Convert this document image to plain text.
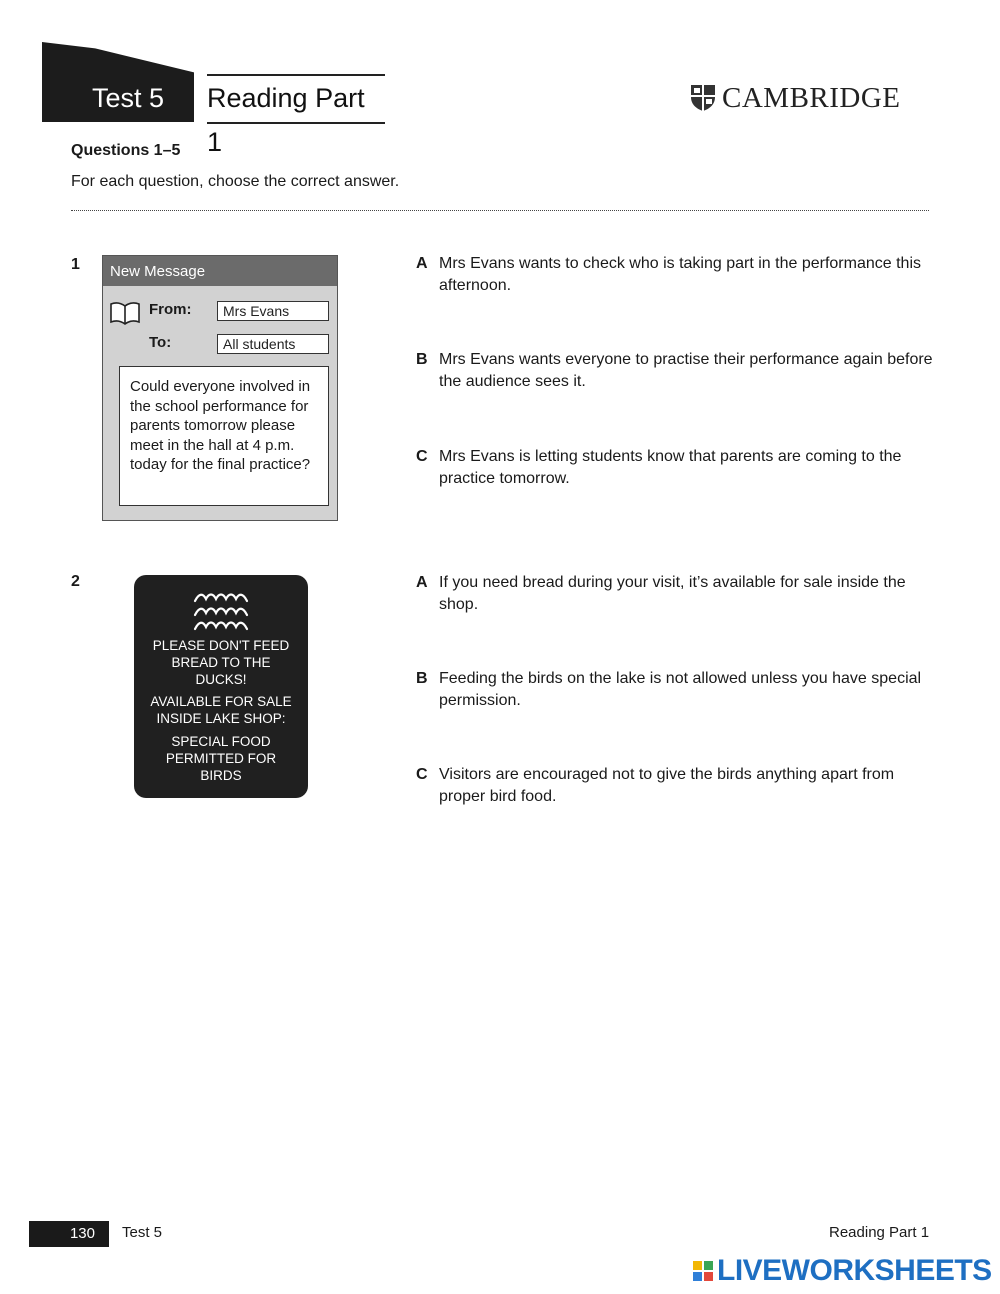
Test 5 Reading Part 1
CAMBRIDGE
Questions 1–5
For each question, choose the correct answer.
1	New Message
From:	Mrs Evans
To:	All students
Could everyone involved in the school performance for parents tomorrow please meet in the hall at 4 p.m. today for the final practice?
A Mrs Evans wants to check who is taking part in the performance this afternoon.
B Mrs Evans wants everyone to practise their performance again before the audience sees it.
C Mrs Evans is letting students know that parents are coming to the practice tomorrow.
2
PLEASE DON'T FEED
BREAD TO THE
DUCKS!
AVAILABLE FOR SALE
INSIDE LAKE SHOP:
SPECIAL FOOD
PERMITTED FOR
BIRDS
A If you need bread during your visit, it’s available for sale inside the shop.
B Feeding the birds on the lake is not allowed unless you have special permission.
C Visitors are encouraged not to give the birds anything apart from proper bird food.
130	Test 5	Reading Part 1
LIVEWORKSHEETS
